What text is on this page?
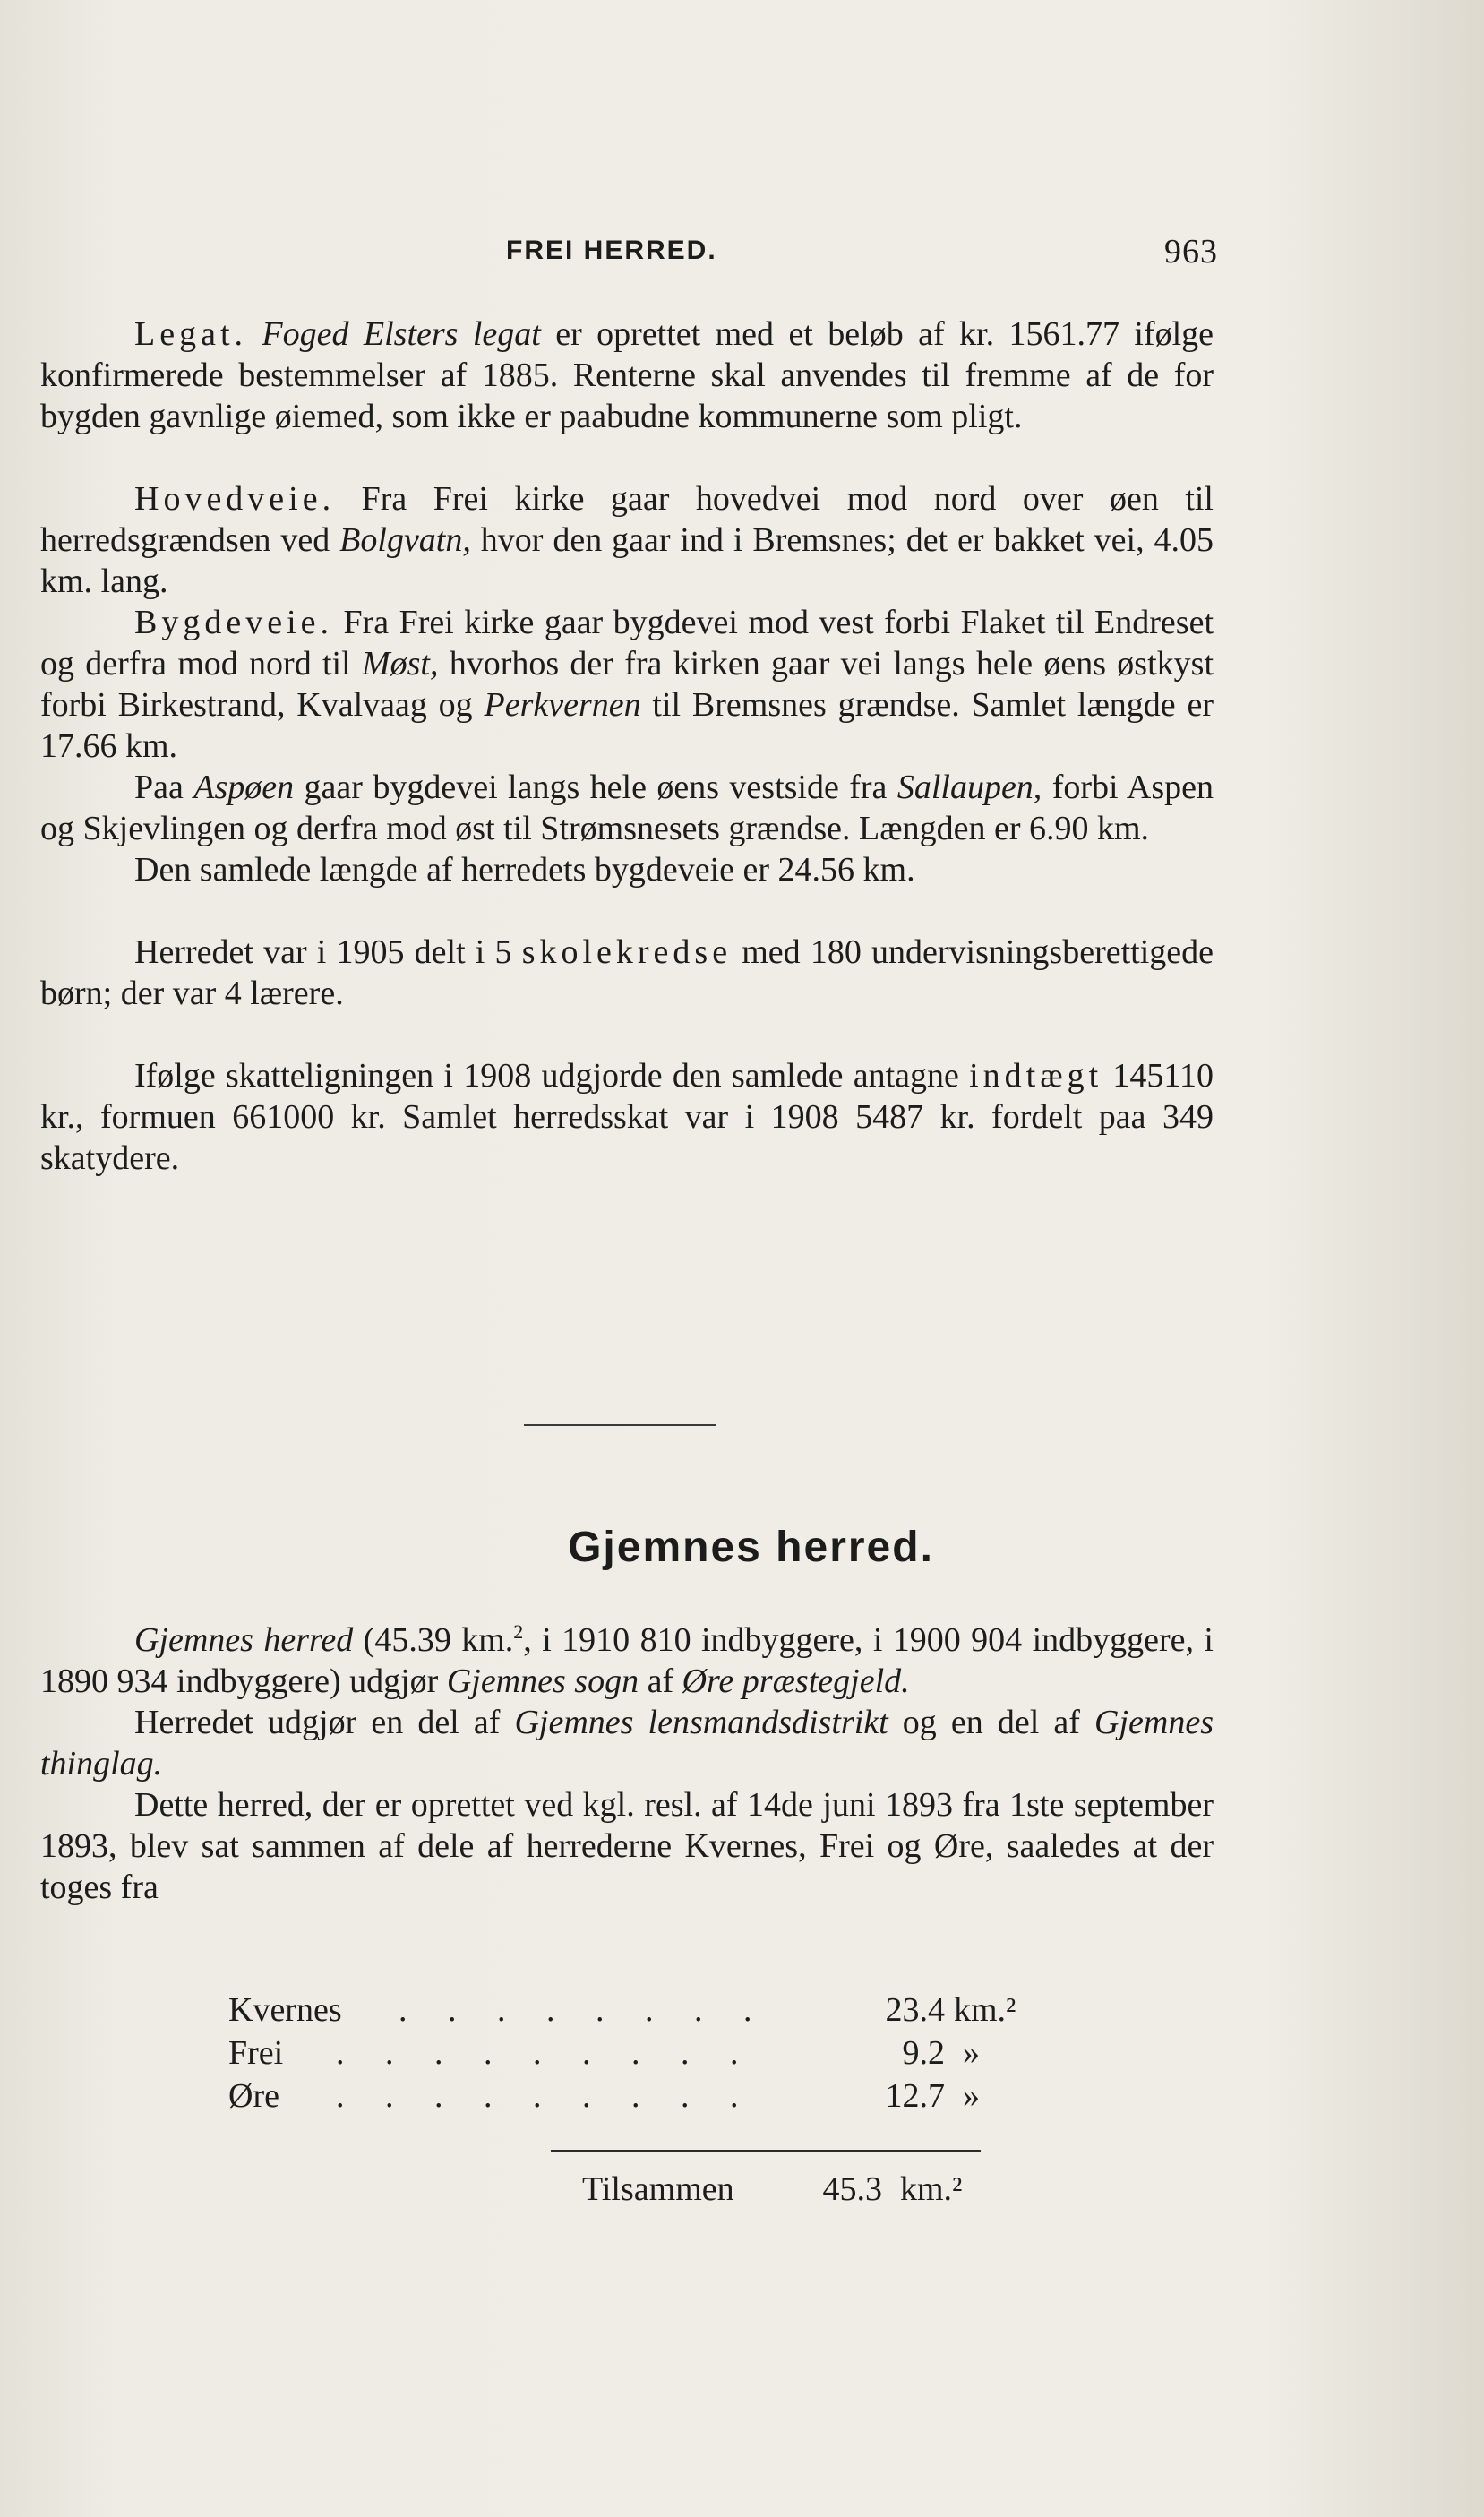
FREI HERRED.	963

Legat. Foged Elsters legat er oprettet med et beløb af kr. 1561.77 ifølge konfirmerede bestemmelser af 1885. Renterne skal anvendes til fremme af de for bygden gavnlige øiemed, som ikke er paabudne kommunerne som pligt.

Hovedveie. Fra Frei kirke gaar hovedvei mod nord over øen til herredsgrændsen ved Bolgvatn, hvor den gaar ind i Bremsnes; det er bakket vei, 4.05 km. lang.

Bygdeveie. Fra Frei kirke gaar bygdevei mod vest forbi Flaket til Endreset og derfra mod nord til Møst, hvorhos der fra kirken gaar vei langs hele øens østkyst forbi Birkestrand, Kvalvaag og Perkvernen til Bremsnes grændse. Samlet længde er 17.66 km.

Paa Aspøen gaar bygdevei langs hele øens vestside fra Sallaupen, forbi Aspen og Skjevlingen og derfra mod øst til Strømsnesets grændse. Længden er 6.90 km.

Den samlede længde af herredets bygdeveie er 24.56 km.

Herredet var i 1905 delt i 5 skolekredse med 180 undervisningsberettigede børn; der var 4 lærere.

Ifølge skatteligningen i 1908 udgjorde den samlede antagne indtægt 145110 kr., formuen 661000 kr. Samlet herredsskat var i 1908 5487 kr. fordelt paa 349 skatydere.

Gjemnes herred.

Gjemnes herred (45.39 km.$^2$, i 1910 810 indbyggere, i 1900 904 indbyggere, i 1890 934 indbyggere) udgjør Gjemnes sogn af Øre præstegjeld.

Herredet udgjør en del af Gjemnes lensmandsdistrikt og en del af Gjemnes thinglag.

Dette herred, der er oprettet ved kgl. resl. af 14de juni 1893 fra 1ste september 1893, blev sat sammen af dele af herrederne Kvernes, Frei og Øre, saaledes at der toges fra

Kvernes . . . . . . . .	23.4 km.²
Frei . . . . . . . . .	9.2 »
Øre . . . . . . . . .	12.7 »
Tilsammen	45.3 km.²
